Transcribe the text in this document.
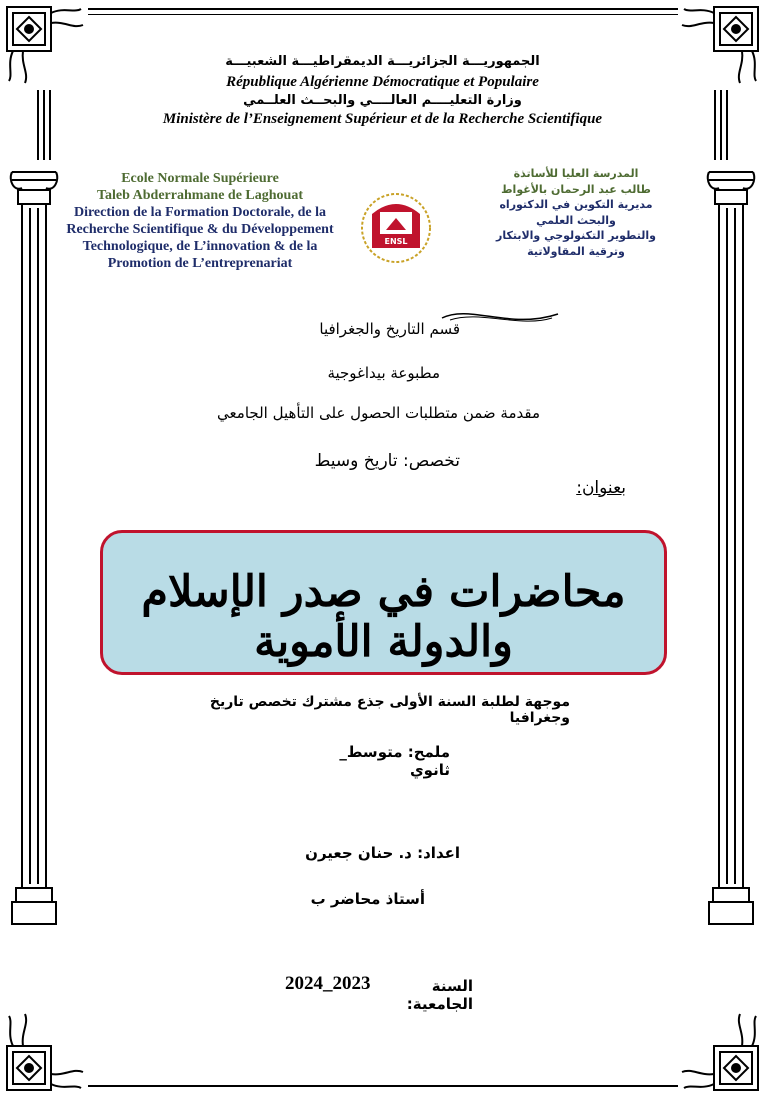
الجمهوريـــة الجزائريـــة الديمقراطيـــة الشعبيـــة
République Algérienne Démocratique et Populaire
وزارة التعليــــم العالــــي والبحــث العلــمي
Ministère de l’Enseignement Supérieur et de la Recherche Scientifique
Ecole Normale Supérieure
Taleb Abderrahmane de Laghouat
Direction de la Formation Doctorale, de la
Recherche Scientifique & du Développement
Technologique, de L’innovation & de la
Promotion de L’entreprenariat
ENSL
المدرسة العليا للأساتذة
طالب عبد الرحمان بالأغواط
مديرية التكوين في الدكتوراه
والبحث العلمي
والتطوير التكنولوجي والابتكار
وترقية المقاولاتية
قسم التاريخ والجغرافيا
مطبوعة بيداغوجية
مقدمة ضمن متطلبات الحصول على التأهيل الجامعي
تخصص: تاريخ وسيط
بعنوان:
محاضرات في صدر الإسلام والدولة الأموية
موجهة لطلبة السنة الأولى جذع مشترك تخصص تاريخ وجغرافيا
ملمح: متوسط_ ثانوي
اعداد: د. حنان جعيرن
أستاذ محاضر ب
السنة الجامعية:
2024_2023
